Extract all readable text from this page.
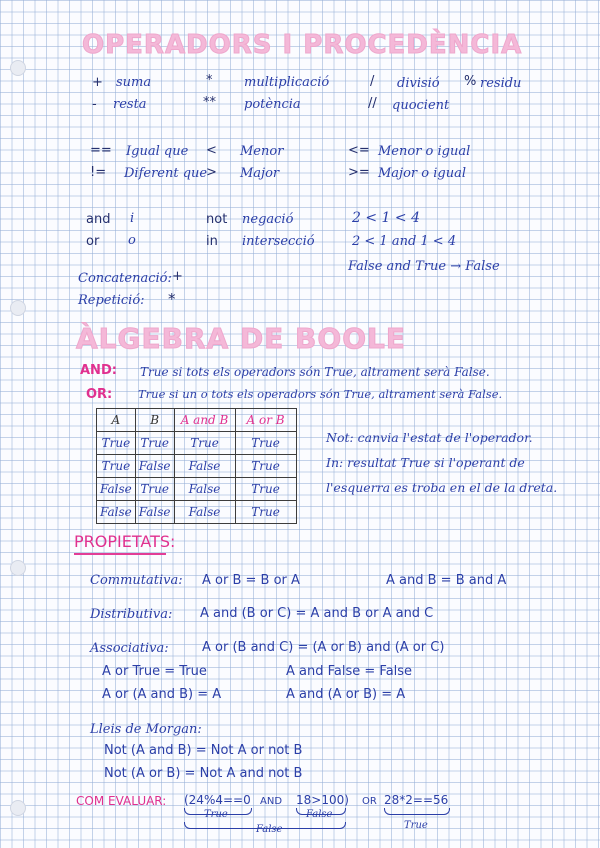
OPERADORS I PROCEDÈNCIA
+ suma
- resta
* multiplicació
** potència
/ divisió
// quocient
% residu
== Igual que
!= Diferent que
< Menor
> Major
<= Menor o igual
>= Major o igual
and i
or o
not negació
in intersecció
2 < 1 < 4
2 < 1 and 1 < 4
False and True → False
Concatenació: +
Repetició: *
ÀLGEBRA DE BOOLE
AND: True si tots els operadors són True, altrament serà False.
OR: True si un o tots els operadors són True, altrament serà False.
A	B	A and B	A or B
True	True	True	True
True	False	False	True
False	True	False	True
False	False	False	True
Not: canvia l'estat de l'operador.
In: resultat True si l'operant de
l'esquerra es troba en el de la dreta.
PROPIETATS:
Commutativa: A or B = B or A	A and B = B and A
Distributiva: A and (B or C) = A and B or A and C
Associativa:	A or (B and C) = (A or B) and (A or C)
A or True = True	A and False = False
A or (A and B) = A	A and (A or B) = A
Lleis de Morgan:
Not (A and B) = Not A or not B
Not (A or B) = Not A and not B
COM EVALUAR: (24%4==0 AND 18>100) OR 28*2==56
True	False
False	True
